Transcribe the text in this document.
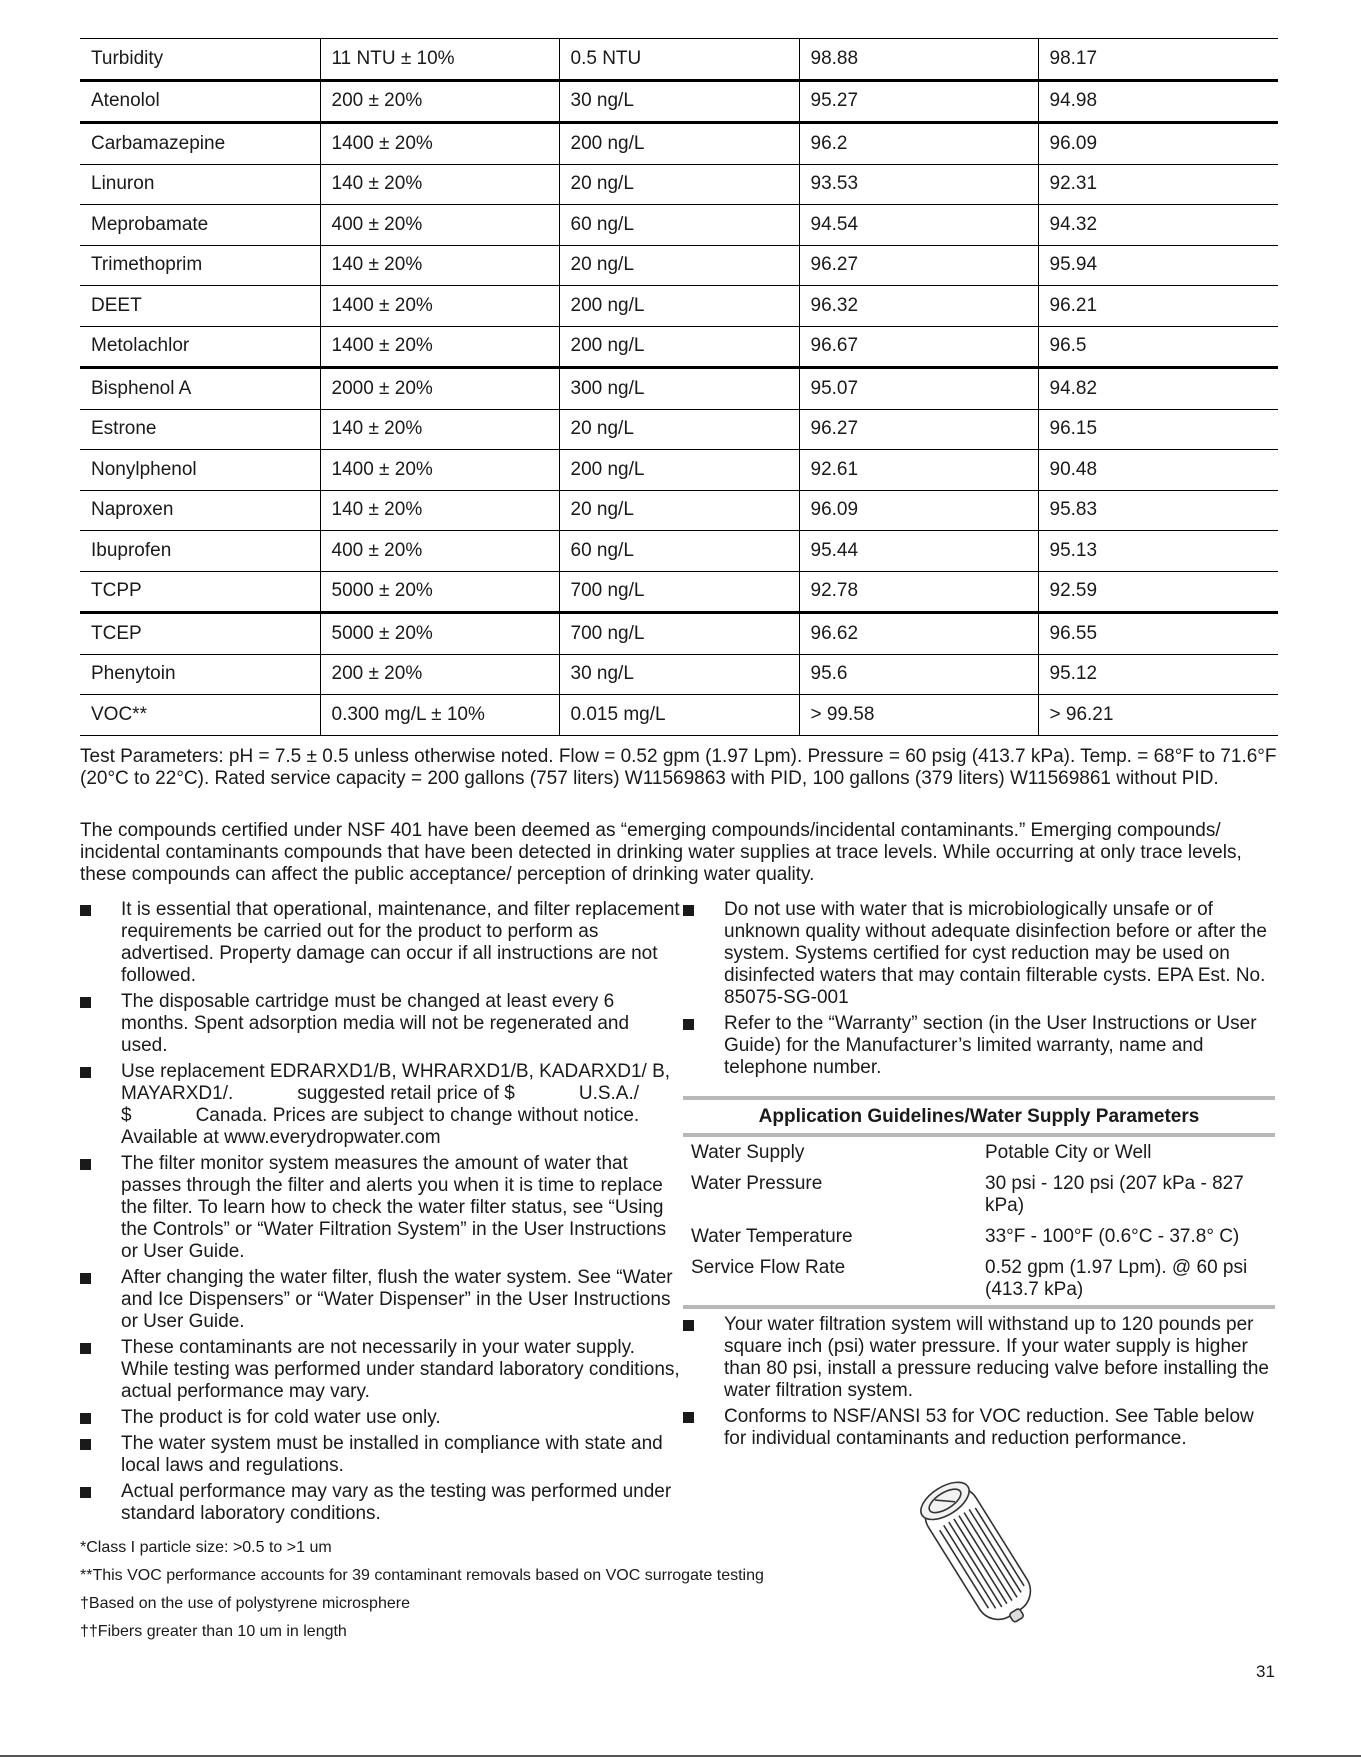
Turbidity	11 NTU ± 10%	0.5 NTU	98.88	98.17
Atenolol	200 ± 20%	30 ng/L	95.27	94.98
Carbamazepine	1400 ± 20%	200 ng/L	96.2	96.09
Linuron	140 ± 20%	20 ng/L	93.53	92.31
Meprobamate	400 ± 20%	60 ng/L	94.54	94.32
Trimethoprim	140 ± 20%	20 ng/L	96.27	95.94
DEET	1400 ± 20%	200 ng/L	96.32	96.21
Metolachlor	1400 ± 20%	200 ng/L	96.67	96.5
Bisphenol A	2000 ± 20%	300 ng/L	95.07	94.82
Estrone	140 ± 20%	20 ng/L	96.27	96.15
Nonylphenol	1400 ± 20%	200 ng/L	92.61	90.48
Naproxen	140 ± 20%	20 ng/L	96.09	95.83
Ibuprofen	400 ± 20%	60 ng/L	95.44	95.13
TCPP	5000 ± 20%	700 ng/L	92.78	92.59
TCEP	5000 ± 20%	700 ng/L	96.62	96.55
Phenytoin	200 ± 20%	30 ng/L	95.6	95.12
VOC**	0.300 mg/L ± 10%	0.015 mg/L	> 99.58	> 96.21
Test Parameters: pH = 7.5 ± 0.5 unless otherwise noted. Flow = 0.52 gpm (1.97 Lpm). Pressure = 60 psig (413.7 kPa). Temp. = 68°F to 71.6°F (20°C to 22°C). Rated service capacity = 200 gallons (757 liters) W11569863 with PID, 100 gallons (379 liters) W11569861 without PID.
The compounds certified under NSF 401 have been deemed as “emerging compounds/incidental contaminants.” Emerging compounds/ incidental contaminants compounds that have been detected in drinking water supplies at trace levels. While occurring at only trace levels, these compounds can affect the public acceptance/ perception of drinking water quality.
It is essential that operational, maintenance, and filter replacement requirements be carried out for the product to perform as advertised. Property damage can occur if all instructions are not followed.
The disposable cartridge must be changed at least every 6 months. Spent adsorption media will not be regenerated and used.
Use replacement EDRARXD1/B, WHRARXD1/B, KADARXD1/ B, MAYARXD1/.	suggested retail price of $	U.S.A./
$	Canada. Prices are subject to change without notice. Available at www.everydropwater.com
The filter monitor system measures the amount of water that passes through the filter and alerts you when it is time to replace the filter. To learn how to check the water filter status, see “Using the Controls” or “Water Filtration System” in the User Instructions or User Guide.
After changing the water filter, flush the water system. See “Water and Ice Dispensers” or “Water Dispenser” in the User Instructions or User Guide.
These contaminants are not necessarily in your water supply. While testing was performed under standard laboratory conditions, actual performance may vary.
The product is for cold water use only.
The water system must be installed in compliance with state and local laws and regulations.
Actual performance may vary as the testing was performed under standard laboratory conditions.
Do not use with water that is microbiologically unsafe or of unknown quality without adequate disinfection before or after the system. Systems certified for cyst reduction may be used on disinfected waters that may contain filterable cysts. EPA Est. No. 85075-SG-001
Refer to the “Warranty” section (in the User Instructions or User Guide) for the Manufacturer’s limited warranty, name and telephone number.
Application Guidelines/Water Supply Parameters
Water Supply	Potable City or Well
Water Pressure	30 psi - 120 psi (207 kPa - 827 kPa)
Water Temperature	33°F - 100°F (0.6°C - 37.8° C)
Service Flow Rate	0.52 gpm (1.97 Lpm). @ 60 psi (413.7 kPa)
Your water filtration system will withstand up to 120 pounds per square inch (psi) water pressure. If your water supply is higher than 80 psi, install a pressure reducing valve before installing the water filtration system.
Conforms to NSF/ANSI 53 for VOC reduction. See Table below for individual contaminants and reduction performance.
*Class I particle size: >0.5 to >1 um
**This VOC performance accounts for 39 contaminant removals based on VOC surrogate testing
†Based on the use of polystyrene microsphere
††Fibers greater than 10 um in length
31
